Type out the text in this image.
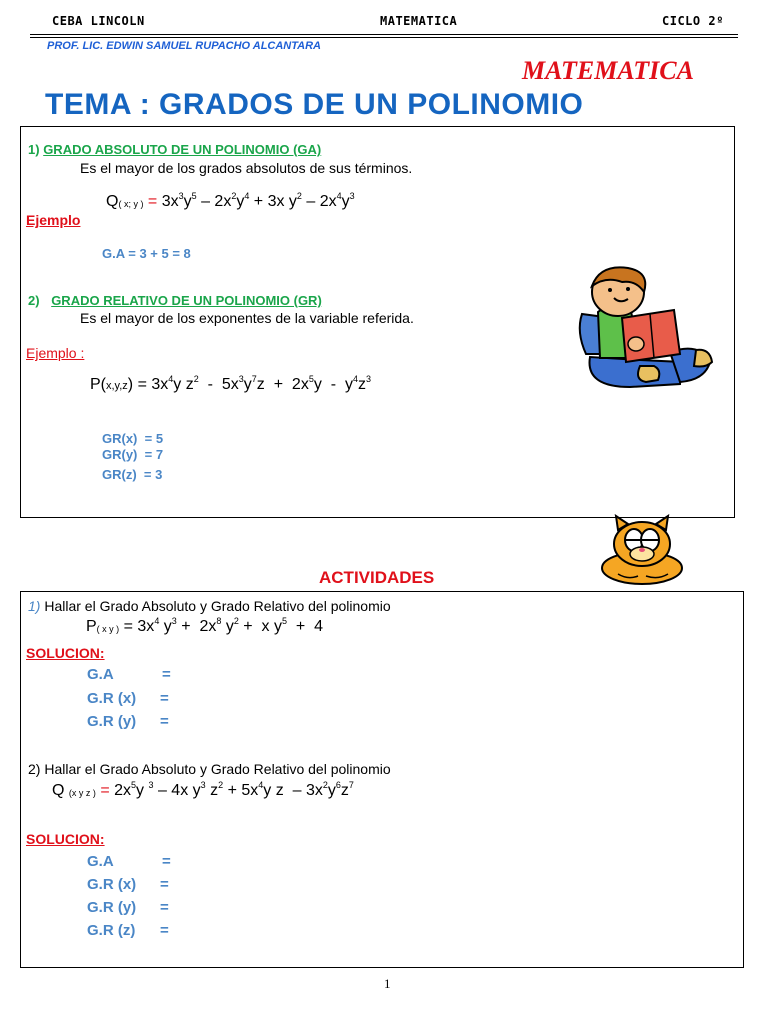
CEBA LINCOLN	MATEMATICA	CICLO 2º
PROF. LIC. EDWIN SAMUEL RUPACHO ALCANTARA
MATEMATICA
TEMA : GRADOS DE UN POLINOMIO
1) GRADO ABSOLUTO DE UN POLINOMIO (GA)
Es el mayor de los grados absolutos de sus términos.
$Q_{( x; y )} = 3x^3y^5 - 2x^2y^4 + 3x$ $y^2 - 2x^4y^3$
Ejemplo
G.A = 3 + 5 = 8
2) GRADO RELATIVO DE UN POLINOMIO (GR)
Es el mayor de los exponentes de la variable referida.
Ejemplo :
$P(x,y,z) = 3x^4y$ $z^2 - 5x^3y^7z + 2x^5y - y^4z^3$
GR(x) = 5
GR(y) = 7
GR(z) = 3
ACTIVIDADES
1) Hallar el Grado Absoluto y Grado Relativo del polinomio
$P_{( x y )} = 3x^4$ $y^3 + 2x^8$ $y^2 + x$ $y^5 + 4$
SOLUCION:
G.A	=
G.R (x) =
G.R (y) =
2) Hallar el Grado Absoluto y Grado Relativo del polinomio
Q $_{(x y z )} = 2x^5y$ $^3$ – 4x $y^3$ $z^2 + 5x^4y$ z  – $3x^2y^6z^7$
SOLUCION:
G.A	=
G.R (x) =
G.R (y) =
G.R (z) =
1
